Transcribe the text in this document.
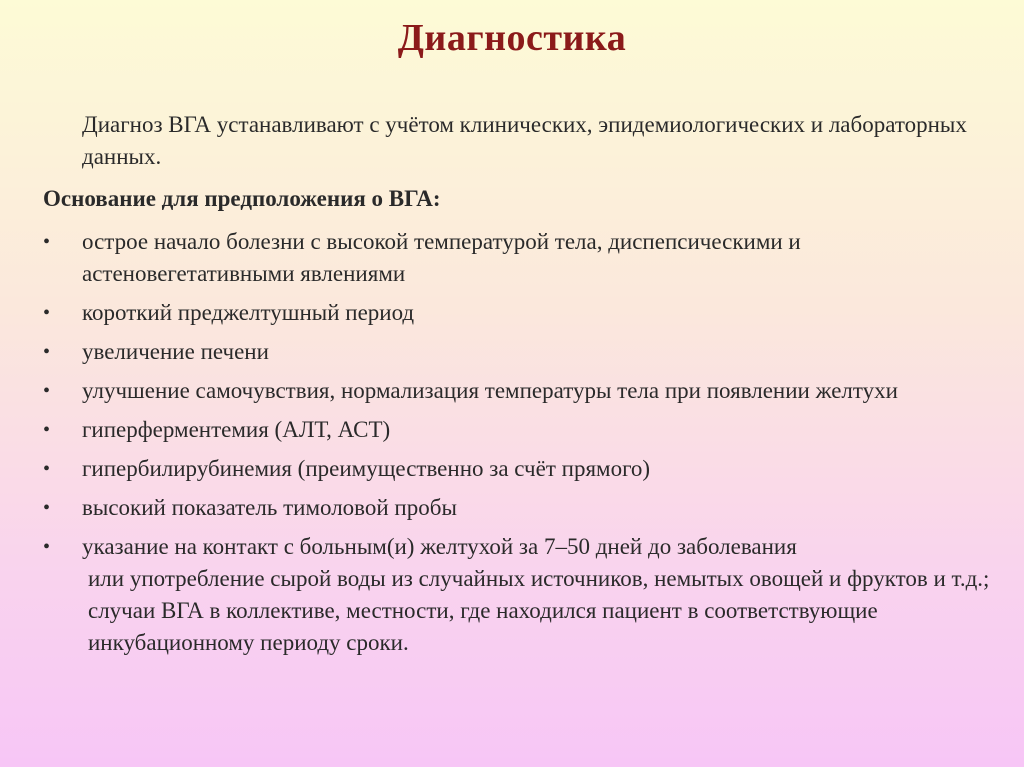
Диагностика
Диагноз ВГА устанавливают с учётом клинических, эпидемиологических и лабораторных данных.
Основание для предположения о ВГА:
• острое начало болезни с высокой температурой тела, диспепсическими и астеновегетативными явлениями
• короткий преджелтушный период
• увеличение печени
• улучшение самочувствия, нормализация температуры тела при появлении желтухи
• гиперферментемия (АЛТ, АСТ)
• гипербилирубинемия (преимущественно за счёт прямого)
• высокий показатель тимоловой пробы
• указание на контакт с больным(и) желтухой за 7–50 дней до заболевания
или употребление сырой воды из случайных источников, немытых овощей и фруктов и т.д.; случаи ВГА в коллективе, местности, где находился пациент в соответствующие инкубационному периоду сроки.
